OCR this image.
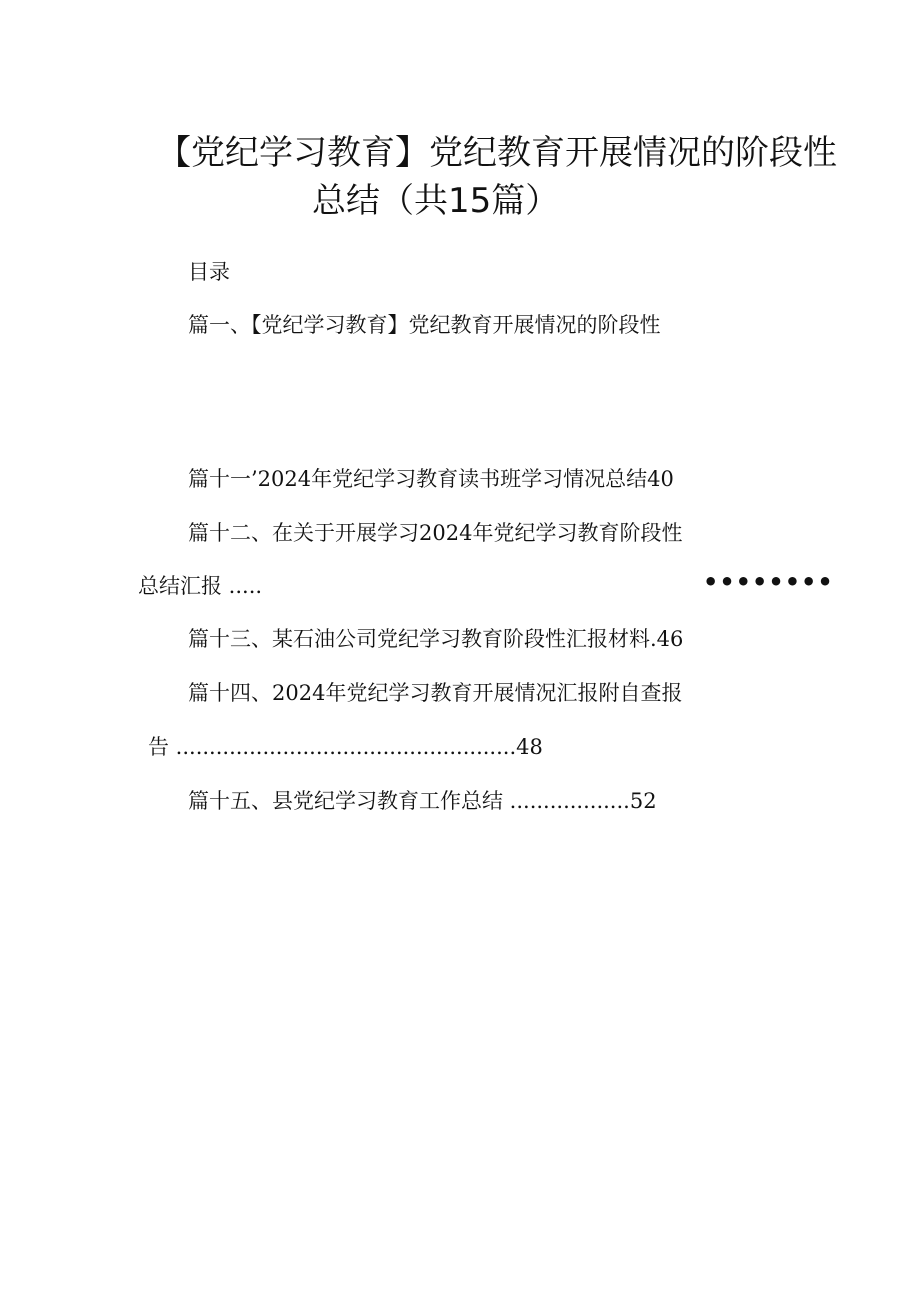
【党纪学习教育】党纪教育开展情况的阶段性
总结（共15篇）
目录
篇一、【党纪学习教育】党纪教育开展情况的阶段性
篇十一’2024年党纪学习教育读书班学习情况总结40
篇十二、在关于开展学习2024年党纪学习教育阶段性
总结汇报 .....	••••••••
篇十三、某石油公司党纪学习教育阶段性汇报材料.46
篇十四、2024年党纪学习教育开展情况汇报附自查报
告 ...................................................48
篇十五、县党纪学习教育工作总结 ..................52
